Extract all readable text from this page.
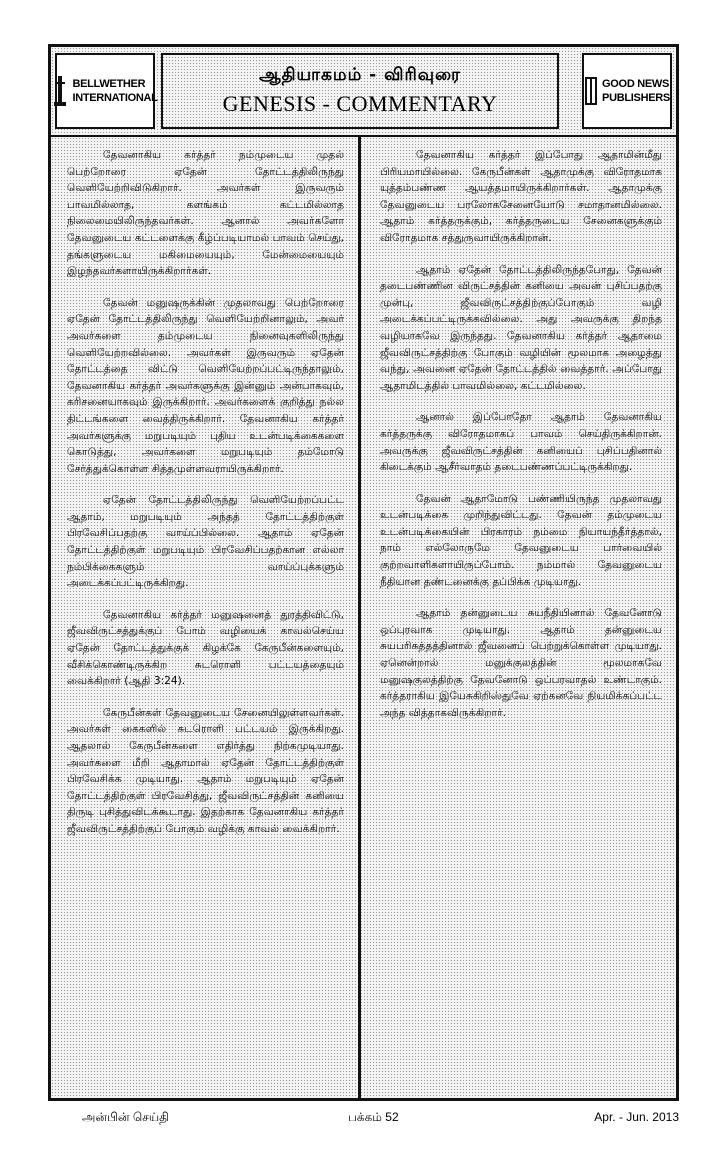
BELLWETHER
INTERNATIONAL
ஆதியாகமம் - விரிவுரை
GENESIS - COMMENTARY
GOOD NEWS
PUBLISHERS

தேவனாகிய கர்த்தர் நம்முடைய முதல் பெற்றோரை ஏதேன் தோட்டத்திலிருந்து வெளியேற்றிவிடுகிறார். அவர்கள் இருவரும் பாவமில்லாத, களங்கம் கட்டமில்லாத நிலைமையிலிருந்தவர்கள். ஆனால் அவர்களோ தேவனுடைய கட்டளைக்கு கீழ்ப்படியாமல் பாவம் செய்து, தங்களுடைய மகிமையையும், மேன்மையையும் இழந்தவர்களாயிருக்கிறார்கள்.

தேவன் மனுஷருக்கின் முதலாவது பெற்றோரை ஏதேன் தோட்டத்திலிருந்து வெளியேற்றினாலும், அவர் அவர்களை தம்முடைய நினைவுகளிலிருந்து வெளியேற்றவில்லை. அவர்கள் இருவரும் ஏதேன் தோட்டத்தை விட்டு வெளியேற்றப்பட்டிருந்தாலும், தேவனாகிய கர்த்தர் அவர்களுக்கு இன்னும் அன்பாகவும், கரிசனையாகவும் இருக்கிறார். அவர்களைக் குறித்து நல்ல திட்டங்களை வைத்திருக்கிறார். தேவனாகிய கர்த்தர் அவர்களுக்கு மறுபடியும் புதிய உடன்படிக்கைகளை கொடுத்து, அவர்களை மறுபடியும் தம்மோடு சேர்த்துக்கொள்ள சித்தமுள்ளவராயிருக்கிறார்.

ஏதேன் தோட்டத்திலிருந்து வெளியேற்றப்பட்ட ஆதாம், மறுபடியும் அந்தத் தோட்டத்திற்குள் பிரவேசிப்பதற்கு வாய்ப்பில்லை. ஆதாம் ஏதேன் தோட்டத்திற்குள் மறுபடியும் பிரவேசிப்பதற்கான எல்லா நம்பிக்கைகளும் வாய்ப்புக்களும் அடைக்கப்பட்டிருக்கிறது.

தேவனாகிய கர்த்தர் மனுஷனைத் துரத்திவிட்டு, ஜீவவிருட்சத்துக்குப் போம் வழியைக் காவல்செய்ய ஏதேன் தோட்டத்துக்குக் கிழக்கே கேருபீன்களையும், வீசிக்கொண்டிருக்கிற சுடரொளி பட்டயத்தையும் வைக்கிறார் (ஆதி 3:24).

கேருபீன்கள் தேவனுடைய சேனையிலுள்ளவர்கள். அவர்கள் கைகளில் சுடரொளி பட்டயம் இருக்கிறது. ஆதலால் கேருபீன்களை எதிர்த்து நிற்கமுடியாது. அவர்களை மீறி ஆதாமால் ஏதேன் தோட்டத்திற்குள் பிரவேசிக்க முடியாது. ஆதாம் மறுபடியும் ஏதேன் தோட்டத்திற்குள் பிரவேசித்து, ஜீவவிருட்சத்தின் கனியை திருடி புசித்துவிடக்கூடாது. இதற்காக தேவனாகிய கர்த்தர் ஜீவவிருட்சத்திற்குப் போகும் வழிக்கு காவல் வைக்கிறார்.

தேவனாகிய கர்த்தர் இப்போது ஆதாமின்மீது பிரியமாயில்லை. கேருபீன்கள் ஆதாமுக்கு விரோதமாக யுத்தம்பண்ண ஆயத்தமாயிருக்கிறார்கள். ஆதாமுக்கு தேவனுடைய பரலோகசேனையோடு சமாதானமில்லை. ஆதாம் கர்த்தருக்கும், கர்த்தருடைய சேனைகளுக்கும் விரோதமாக சத்துருவாயிருக்கிறான்.

ஆதாம் ஏதேன் தோட்டத்திலிருந்தபோது, தேவன் தடைபண்ணின விருட்சத்தின் கனியை அவன் புசிப்பதற்கு முன்பு, ஜீவவிருட்சத்திற்குப்போகும் வழி அடைக்கப்பட்டிருக்கவில்லை. அது அவருக்கு திறந்த வழியாகவே இருந்தது. தேவனாகிய கர்த்தர் ஆதாமை ஜீவவிருட்சத்திற்கு போகும் வழியின் மூலமாக அழைத்து வந்து, அவனை ஏதேன் தோட்டத்தில் வைத்தார். அப்போது ஆதாமிடத்தில் பாவமில்லை, கட்டமில்லை.

ஆனால் இப்போதோ ஆதாம் தேவனாகிய கர்த்தருக்கு விரோதமாகப் பாவம் செய்திருக்கிறான். அவருக்கு ஜீவவிருட்சத்தின் கனியைப் புசிப்பதினால் கிடைக்கும் ஆசீர்வாதம் தடைபண்ணப்பட்டிருக்கிறது.

தேவன் ஆதாமோடு பண்ணியிருந்த முதலாவது உடன்படிக்கை முறிந்துவிட்டது. தேவன் தம்முடைய உடன்படிக்கையின் பிரகாரம் நம்மை நியாயந்தீர்த்தால், நாம் எல்லோருமே தேவனுடைய பார்வையில் குற்றவாளிகளாயிருப்போம். நம்மால் தேவனுடைய நீதியான தண்டனைக்கு தப்பிக்க முடியாது.

ஆதாம் தன்னுடைய சுயநீதியினால் தேவனோடு ஒப்புரவாக முடியாது. ஆதாம் தன்னுடைய சுயபரிசுத்தத்தினால் ஜீவனைப் பெற்றுக்கொள்ள முடியாது. ஏனென்றால் மனுக்குலத்தின் மூலமாகவே மனுஷகுலத்திற்கு தேவனோடு ஒப்பரவாதல் உண்டாகும். கர்த்தராகிய இயேசுகிறிஸ்துவே ஏற்கனவே நியமிக்கப்பட்ட அந்த வித்தாகவிருக்கிறார்.

அன்பின் செய்தி	பக்கம் 52	Apr. - Jun. 2013
